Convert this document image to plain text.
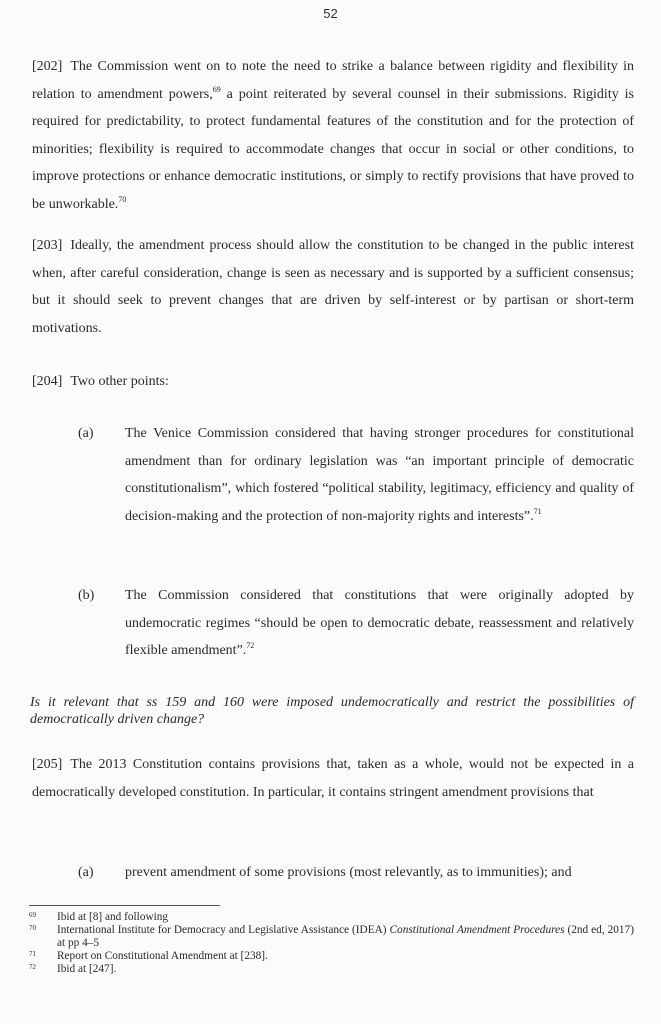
52
[202] The Commission went on to note the need to strike a balance between rigidity and flexibility in relation to amendment powers,$^{69}$ a point reiterated by several counsel in their submissions. Rigidity is required for predictability, to protect fundamental features of the constitution and for the protection of minorities; flexibility is required to accommodate changes that occur in social or other conditions, to improve protections or enhance democratic institutions, or simply to rectify provisions that have proved to be unworkable.$^{70}$
[203] Ideally, the amendment process should allow the constitution to be changed in the public interest when, after careful consideration, change is seen as necessary and is supported by a sufficient consensus; but it should seek to prevent changes that are driven by self-interest or by partisan or short-term motivations.
[204] Two other points:
(a) The Venice Commission considered that having stronger procedures for constitutional amendment than for ordinary legislation was “an important principle of democratic constitutionalism”, which fostered “political stability, legitimacy, efficiency and quality of decision-making and the protection of non-majority rights and interests”.$^{71}$
(b) The Commission considered that constitutions that were originally adopted by undemocratic regimes “should be open to democratic debate, reassessment and relatively flexible amendment”.$^{72}$
Is it relevant that ss 159 and 160 were imposed undemocratically and restrict the possibilities of democratically driven change?
[205] The 2013 Constitution contains provisions that, taken as a whole, would not be expected in a democratically developed constitution. In particular, it contains stringent amendment provisions that
(a) prevent amendment of some provisions (most relevantly, as to immunities); and
69 Ibid at [8] and following
70 International Institute for Democracy and Legislative Assistance (IDEA) Constitutional Amendment Procedures (2nd ed, 2017) at pp 4–5
71 Report on Constitutional Amendment at [238].
72 Ibid at [247].
